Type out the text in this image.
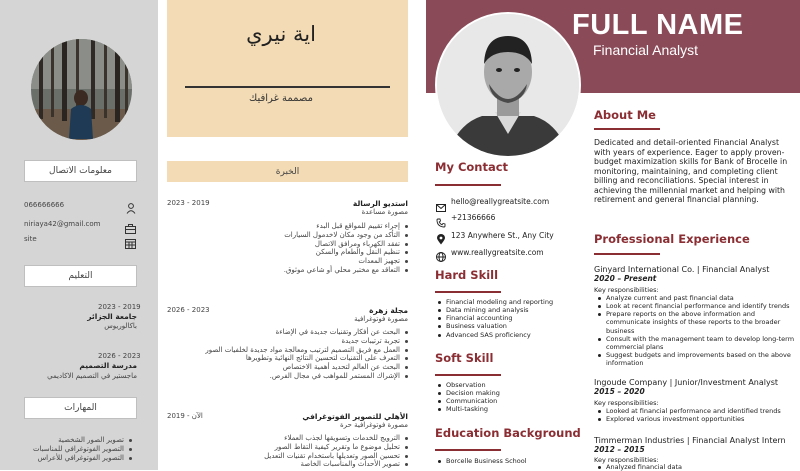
معلومات الاتصال
066666666
niriaya42@gmail.com
site
التعليم
2023 - 2019
جامعة الجزائر
باكالوريوس
2026 - 2023
مدرسة التصميم
ماجستير في التصميم الاكاديمي
المهارات
تصوير الصور الشخصية
التصوير الفوتوغرافي للمناسبات
التصوير الفوتوغرافي للأعراس
اية نيري
مصممة غرافيك
الخبرة
2023 - 2019	استديو الرسالة
مصورة مساعدة
إجراء تقييم للمواقع قبل البدء
التأكد من وجود مكان لاخدمول السيارات
تفقد الكهرباء ومرافق الاتصال
تنظيم النقل والطعام والسكن
تجهيز المعدات
التعاقد مع مختبر محلي أو شاعي موثوق.
2026 - 2023	مجلة زهرة
مصورة فوتوغرافية
البحث عن أفكار وتقنيات جديدة في الإضاءة
تجربة ترتيبات جديدة
العمل مع فريق التصميم لترتيب ومعالجة مواد جديدة لخلفيات الصور
التعرف على التقنيات لتحسين النتائج النهائية وتطويرها
البحث عن العالم لتحديد أهمية الاختصاص
الإشراك المستمر للمواهب في مجال الفرص.
2019 - الآن	الأهلي للتصوير الفوتوغرافي
مصورة فوتوغرافية حرة
الترويج للخدمات وتسويقها لجذب العملاء
تحليل موضوع ما وتقرير كيفية التقاط الصور
تحسين الصور وتعديلها باستخدام تقنيات التعديل
تصوير الأحداث والمناسبات الخاصة
FULL NAME
Financial Analyst
My Contact
hello@reallygreatsite.com
+21366666
123 Anywhere St., Any City
www.reallygreatsite.com
Hard Skill
Financial modeling and reporting
Data mining and analysis
Financial accounting
Business valuation
Advanced SAS proficiency
Soft Skill
Observation
Decision making
Communication
Multi-tasking
Education Background
Borcelle Business School
About Me
Dedicated and detail-oriented Financial Analyst with years of experience. Eager to apply proven-budget maximization skills for Bank of Brocelle in monitoring, maintaining, and completing client billing and reconciliations. Special interest in achieving the millennial market and helping with retirement and general financial planning.
Professional Experience
Ginyard International Co. | Financial Analyst
2020 – Present
Key responsibilities:
Analyze current and past financial data
Look at recent financial performance and identify trends
Prepare reports on the above information and communicate insights of these reports to the broader business
Consult with the management team to develop long-term commercial plans
Suggest budgets and improvements based on the above information
Ingoude Company | Junior/Investment Analyst
2015 – 2020
Key responsibilities:
Looked at financial performance and identified trends
Explored various investment opportunities
Timmerman Industries | Financial Analyst Intern
2012 – 2015
Key responsibilities:
Analyzed financial data
